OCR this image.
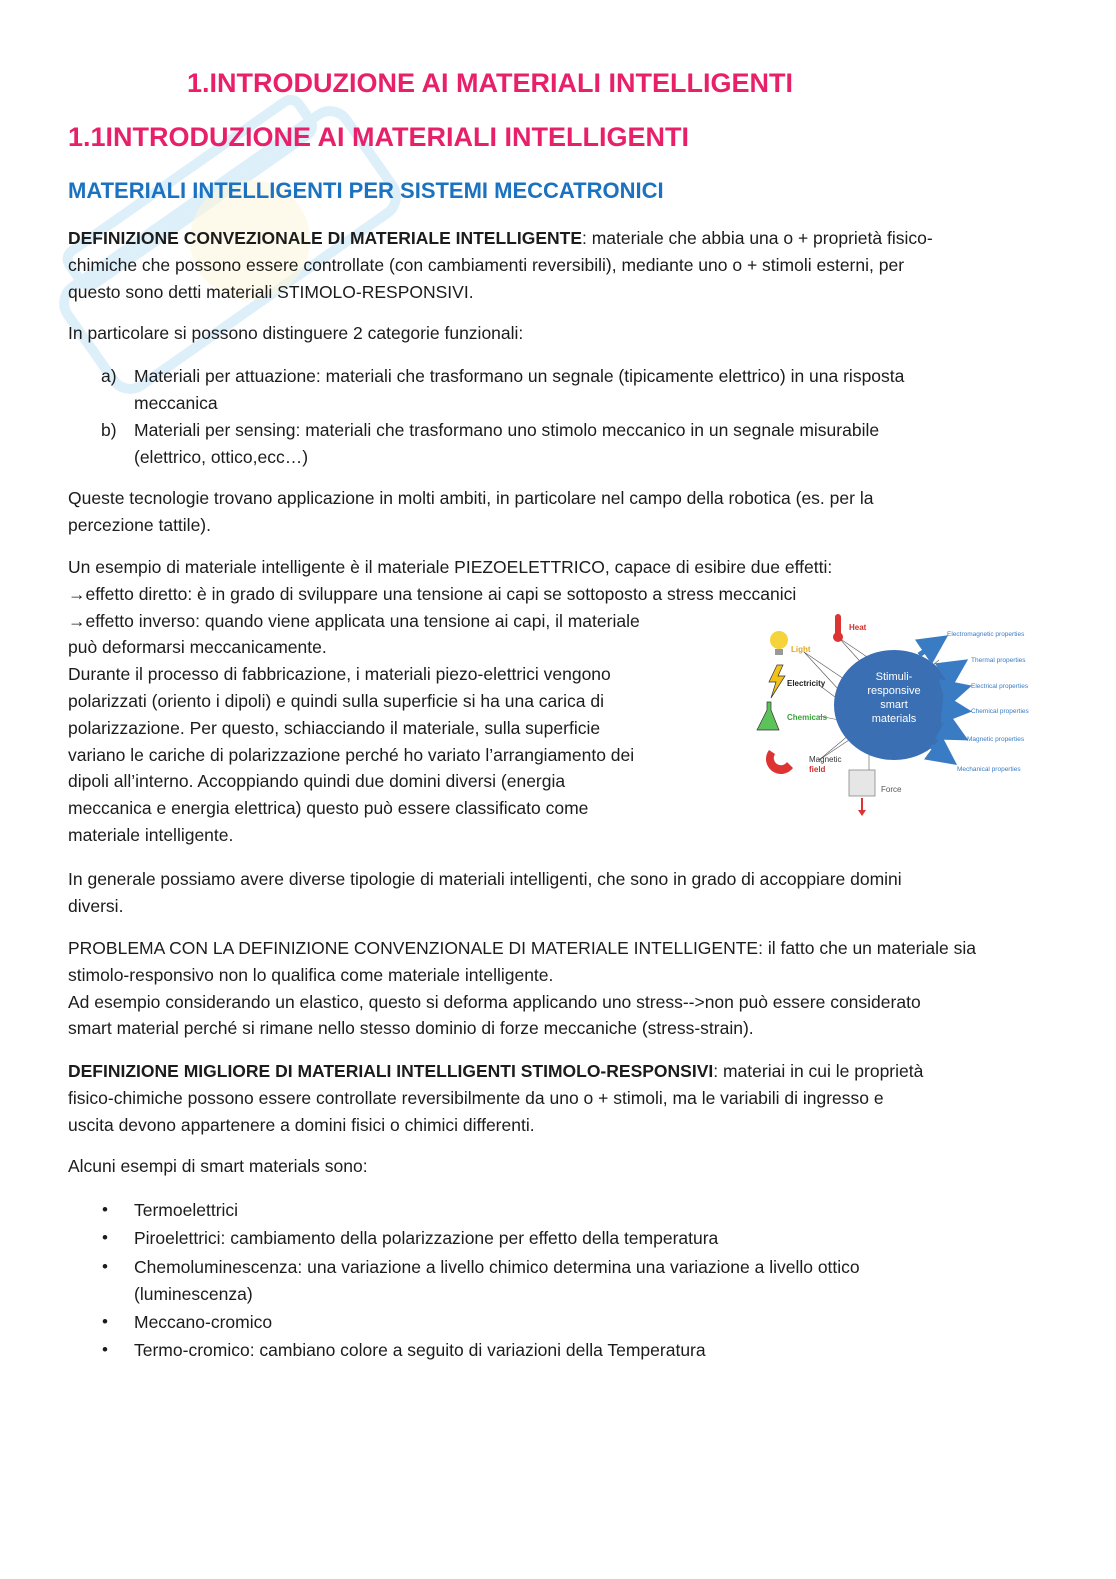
1.INTRODUZIONE AI MATERIALI INTELLIGENTI
1.1INTRODUZIONE AI MATERIALI INTELLIGENTI
MATERIALI INTELLIGENTI PER SISTEMI MECCATRONICI
DEFINIZIONE CONVEZIONALE DI MATERIALE INTELLIGENTE: materiale che abbia una o + proprietà fisico-
chimiche che possono essere controllate (con cambiamenti reversibili), mediante uno o + stimoli esterni, per
questo sono detti materiali STIMOLO-RESPONSIVI.
In particolare si possono distinguere 2 categorie funzionali:
a) Materiali per attuazione: materiali che trasformano un segnale (tipicamente elettrico) in una risposta
meccanica
b) Materiali per sensing: materiali che trasformano uno stimolo meccanico in un segnale misurabile
(elettrico, ottico,ecc…)
Queste tecnologie trovano applicazione in molti ambiti, in particolare nel campo della robotica (es. per la
percezione tattile).
Un esempio di materiale intelligente è il materiale PIEZOELETTRICO, capace di esibire due effetti:
→effetto diretto: è in grado di sviluppare una tensione ai capi se sottoposto a stress meccanici
→effetto inverso: quando viene applicata una tensione ai capi, il materiale
può deformarsi meccanicamente.
Durante il processo di fabbricazione, i materiali piezo-elettrici vengono
polarizzati (oriento i dipoli) e quindi sulla superficie si ha una carica di
polarizzazione. Per questo, schiacciando il materiale, sulla superficie
variano le cariche di polarizzazione perché ho variato l’arrangiamento dei
dipoli all’interno. Accoppiando quindi due domini diversi (energia
meccanica e energia elettrica) questo può essere classificato come
materiale intelligente.
Stimuli-
responsive
smart
materials
Heat
Light
Electricity
Chemicals
Magnetic
field
Force
Electromagnetic properties
Thermal properties
Electrical properties
Chemical properties
Magnetic properties
Mechanical properties
In generale possiamo avere diverse tipologie di materiali intelligenti, che sono in grado di accoppiare domini
diversi.
PROBLEMA CON LA DEFINIZIONE CONVENZIONALE DI MATERIALE INTELLIGENTE: il fatto che un materiale sia
stimolo-responsivo non lo qualifica come materiale intelligente.
Ad esempio considerando un elastico, questo si deforma applicando uno stress-->non può essere considerato
smart material perché si rimane nello stesso dominio di forze meccaniche (stress-strain).
DEFINIZIONE MIGLIORE DI MATERIALI INTELLIGENTI STIMOLO-RESPONSIVI: materiai in cui le proprietà
fisico-chimiche possono essere controllate reversibilmente da uno o + stimoli, ma le variabili di ingresso e
uscita devono appartenere a domini fisici o chimici differenti.
Alcuni esempi di smart materials sono:
• Termoelettrici
• Piroelettrici: cambiamento della polarizzazione per effetto della temperatura
• Chemoluminescenza: una variazione a livello chimico determina una variazione a livello ottico
(luminescenza)
• Meccano-cromico
• Termo-cromico: cambiano colore a seguito di variazioni della Temperatura
